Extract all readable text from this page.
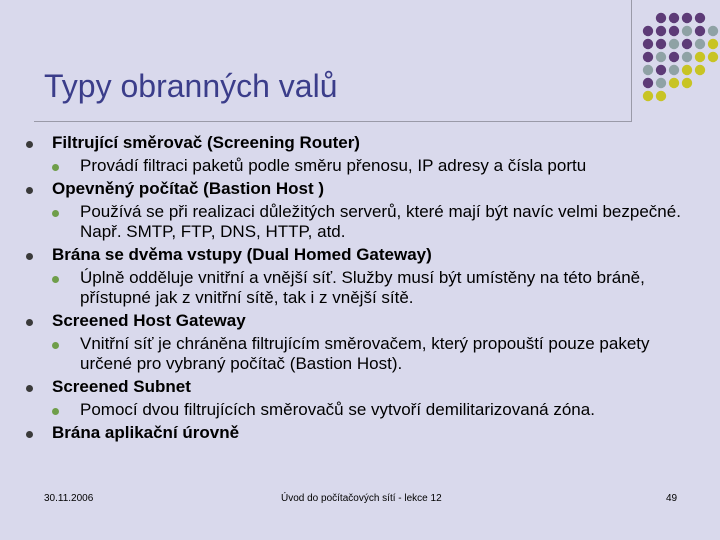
Typy obranných valů
Filtrující směrovač (Screening Router)
Provádí filtraci paketů podle směru přenosu, IP adresy a čísla portu
Opevněný počítač (Bastion Host )
Používá se při realizaci důležitých serverů, které mají být navíc velmi bezpečné. Např. SMTP, FTP, DNS, HTTP, atd.
Brána se dvěma vstupy (Dual Homed Gateway)
Úplně odděluje vnitřní a vnější síť. Služby musí být umístěny na této bráně, přístupné jak z vnitřní sítě, tak i z vnější sítě.
Screened Host Gateway
Vnitřní síť je chráněna filtrujícím směrovačem, který propouští pouze pakety určené pro vybraný počítač (Bastion Host).
Screened Subnet
Pomocí dvou filtrujících směrovačů se vytvoří demilitarizovaná zóna.
Brána aplikační úrovně
30.11.2006	Úvod do počítačových sítí - lekce 12	49
